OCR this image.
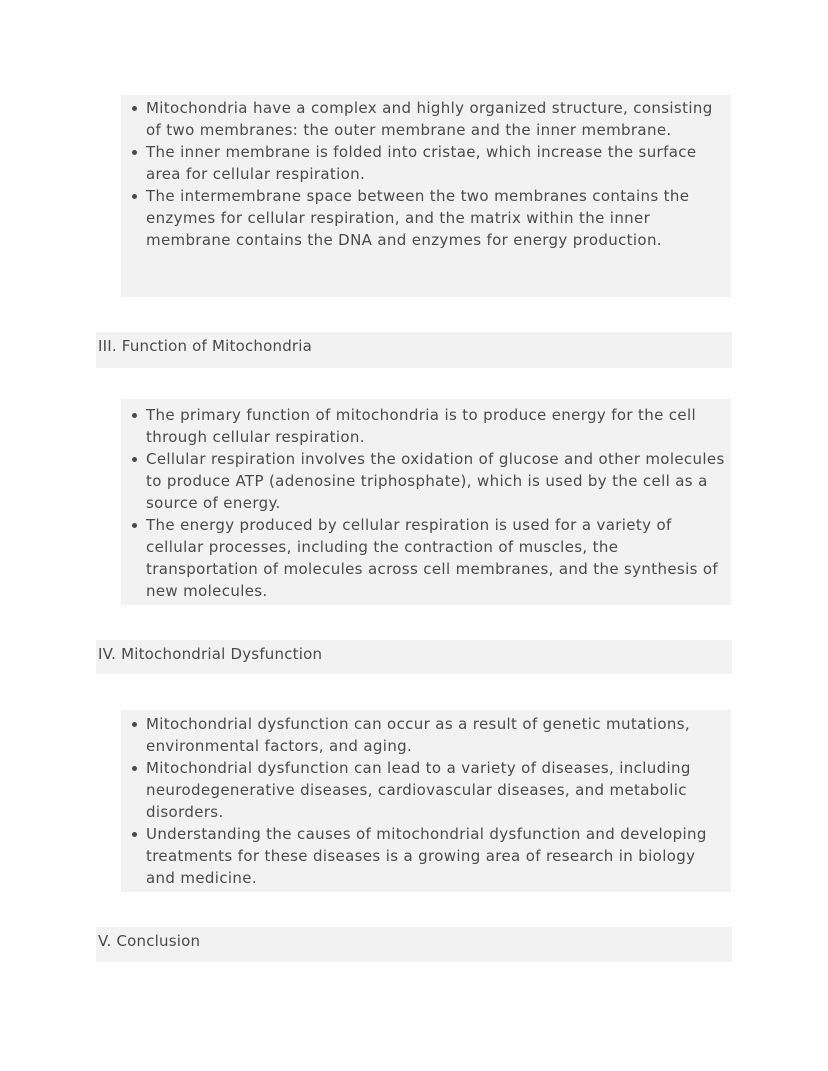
Mitochondria have a complex and highly organized structure, consisting of two membranes: the outer membrane and the inner membrane.
The inner membrane is folded into cristae, which increase the surface area for cellular respiration.
The intermembrane space between the two membranes contains the enzymes for cellular respiration, and the matrix within the inner membrane contains the DNA and enzymes for energy production.
III. Function of Mitochondria
The primary function of mitochondria is to produce energy for the cell through cellular respiration.
Cellular respiration involves the oxidation of glucose and other molecules to produce ATP (adenosine triphosphate), which is used by the cell as a source of energy.
The energy produced by cellular respiration is used for a variety of cellular processes, including the contraction of muscles, the transportation of molecules across cell membranes, and the synthesis of new molecules.
IV. Mitochondrial Dysfunction
Mitochondrial dysfunction can occur as a result of genetic mutations, environmental factors, and aging.
Mitochondrial dysfunction can lead to a variety of diseases, including neurodegenerative diseases, cardiovascular diseases, and metabolic disorders.
Understanding the causes of mitochondrial dysfunction and developing treatments for these diseases is a growing area of research in biology and medicine.
V. Conclusion
